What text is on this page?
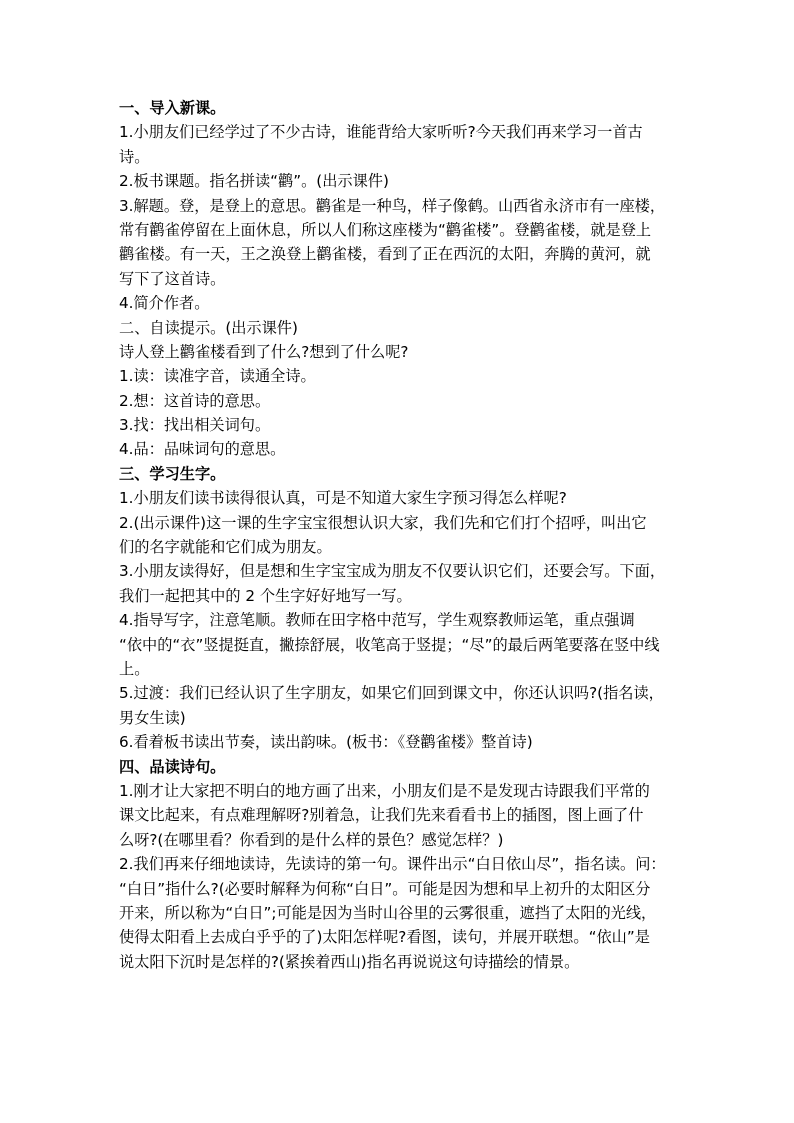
一、导入新课。
1.小朋友们已经学过了不少古诗，谁能背给大家听听?今天我们再来学习一首古
诗。
2.板书课题。指名拼读“鹳”。(出示课件)
3.解题。登，是登上的意思。鹳雀是一种鸟，样子像鹤。山西省永济市有一座楼，
常有鹳雀停留在上面休息，所以人们称这座楼为“鹳雀楼”。登鹳雀楼，就是登上
鹳雀楼。有一天，王之涣登上鹳雀楼，看到了正在西沉的太阳，奔腾的黄河，就
写下了这首诗。
4.简介作者。
二、自读提示。(出示课件)
诗人登上鹳雀楼看到了什么?想到了什么呢?
1.读：读准字音，读通全诗。
2.想：这首诗的意思。
3.找：找出相关词句。
4.品：品味词句的意思。
三、学习生字。
1.小朋友们读书读得很认真，可是不知道大家生字预习得怎么样呢?
2.(出示课件)这一课的生字宝宝很想认识大家，我们先和它们打个招呼，叫出它
们的名字就能和它们成为朋友。
3.小朋友读得好，但是想和生字宝宝成为朋友不仅要认识它们，还要会写。下面，
我们一起把其中的 2 个生字好好地写一写。
4.指导写字，注意笔顺。教师在田字格中范写，学生观察教师运笔，重点强调
“依中的“衣”竖提挺直，撇捺舒展，收笔高于竖提；“尽”的最后两笔要落在竖中线
上。
5.过渡：我们已经认识了生字朋友，如果它们回到课文中，你还认识吗?(指名读，
男女生读)
6.看着板书读出节奏，读出韵味。(板书：《登鹳雀楼》整首诗)
四、品读诗句。
1.刚才让大家把不明白的地方画了出来，小朋友们是不是发现古诗跟我们平常的
课文比起来，有点难理解呀?别着急，让我们先来看看书上的插图，图上画了什
么呀?(在哪里看？你看到的是什么样的景色？感觉怎样？)
2.我们再来仔细地读诗，先读诗的第一句。课件出示“白日依山尽”，指名读。问：
“白日”指什么?(必要时解释为何称“白日”。可能是因为想和早上初升的太阳区分
开来，所以称为“白日”;可能是因为当时山谷里的云雾很重，遮挡了太阳的光线，
使得太阳看上去成白乎乎的了)太阳怎样呢?看图，读句，并展开联想。“依山”是
说太阳下沉时是怎样的?(紧挨着西山)指名再说说这句诗描绘的情景。
